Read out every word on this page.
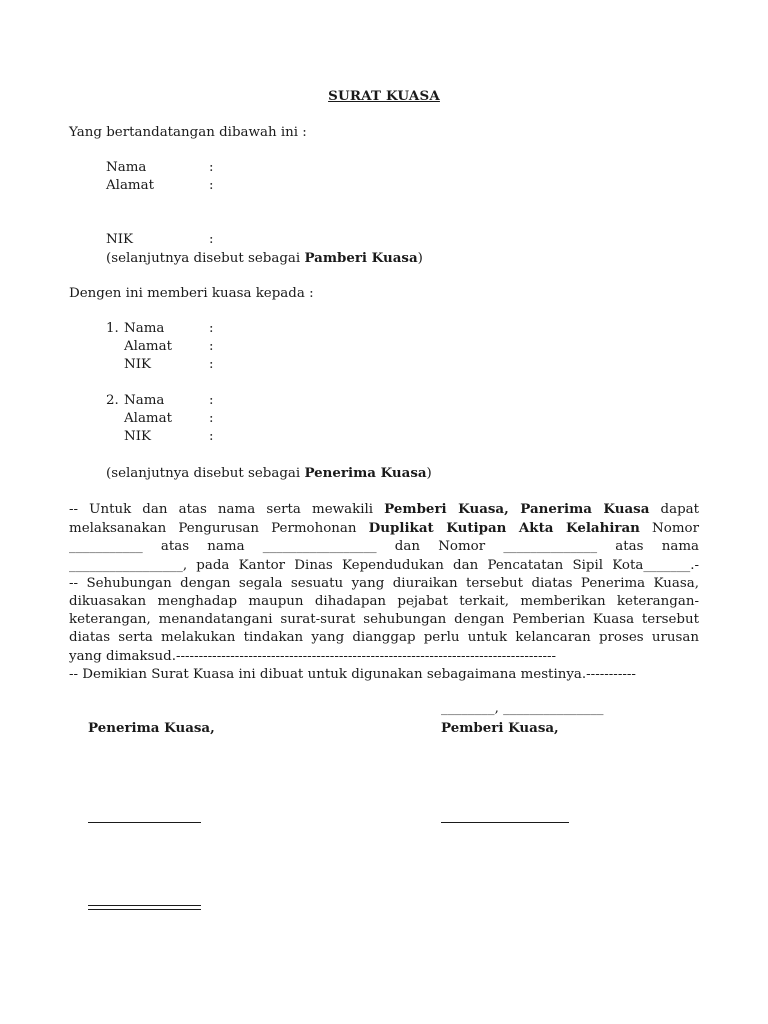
SURAT KUASA
Yang bertandatangan dibawah ini :
Nama	:
Alamat	:
NIK	:
(selanjutnya disebut sebagai Pamberi Kuasa)
Dengen ini memberi kuasa kepada :
1. Nama	:
Alamat	:
NIK	:
2. Nama	:
Alamat	:
NIK	:
(selanjutnya disebut sebagai Penerima Kuasa)
-- Untuk dan atas nama serta mewakili Pemberi Kuasa, Panerima Kuasa dapat
melaksanakan Pengurusan Permohonan Duplikat Kutipan Akta Kelahiran Nomor
___________ atas nama _________________ dan Nomor ______________ atas nama
_________________, pada Kantor Dinas Kependudukan dan Pencatatan Sipil Kota_______.-
-- Sehubungan dengan segala sesuatu yang diuraikan tersebut diatas Penerima Kuasa,
dikuasakan menghadap maupun dihadapan pejabat terkait, memberikan keterangan-
keterangan, menandatangani surat-surat sehubungan dengan Pemberian Kuasa tersebut
diatas serta melakukan tindakan yang dianggap perlu untuk kelancaran proses urusan
yang dimaksud.------------------------------------------------------------------------------------
-- Demikian Surat Kuasa ini dibuat untuk digunakan sebagaimana mestinya.-----------
________, _______________
Penerima Kuasa,	Pemberi Kuasa,
